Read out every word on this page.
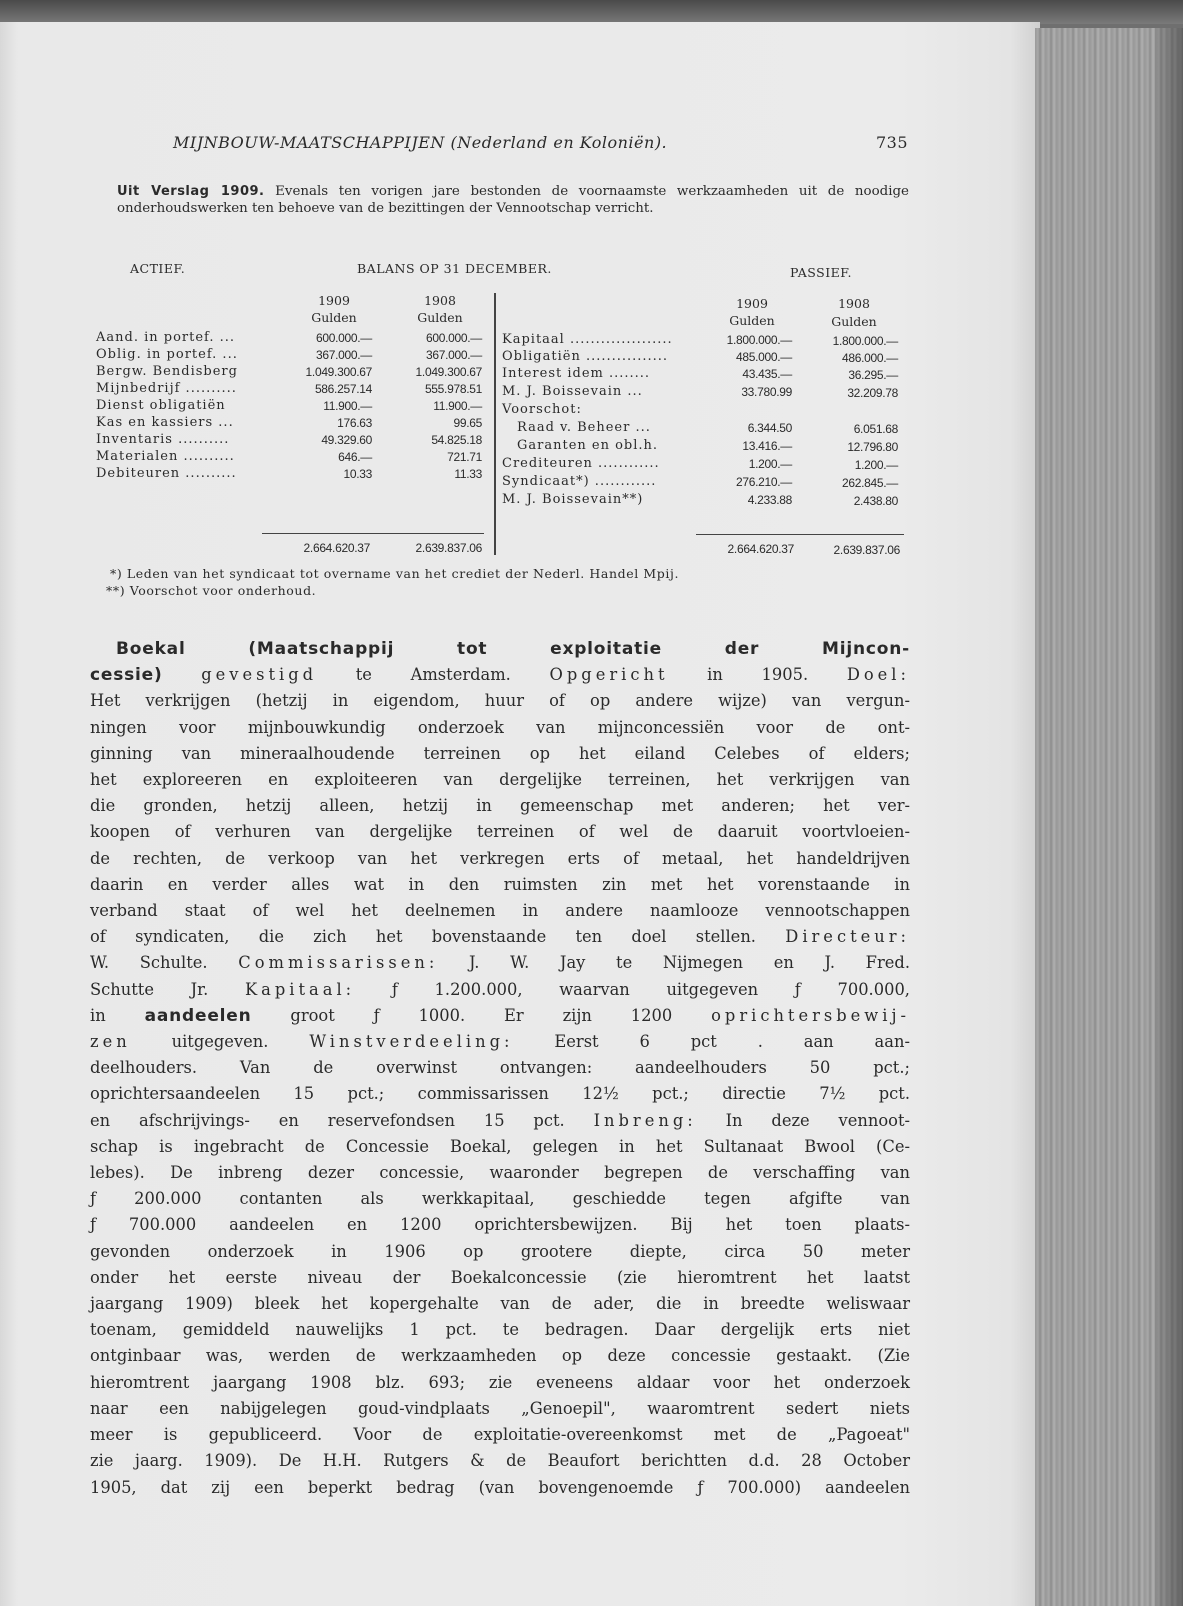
MIJNBOUW-MAATSCHAPPIJEN (Nederland en Koloniën).	735
Uit Verslag 1909. Evenals ten vorigen jare bestonden de voornaamste werkzaamheden uit de noodige onderhoudswerken ten behoeve van de bezittingen der Vennootschap verricht.
ACTIEF.	BALANS OP 31 DECEMBER.	PASSIEF.
1909
Gulden
1908
Gulden
1909
Gulden
1908
Gulden
Aand. in portef. ...	600.000.—	600.000.—
Oblig. in portef. ...	367.000.—	367.000.—
Bergw. Bendisberg	1.049.300.67	1.049.300.67
Mijnbedrijf ..........	586.257.14	555.978.51
Dienst obligatiën	11.900.—	11.900.—
Kas en kassiers ...	176.63	99.65
Inventaris ..........	49.329.60	54.825.18
Materialen ..........	646.—	721.71
Debiteuren ..........	10.33	11.33
2.664.620.37	2.639.837.06
Kapitaal ....................	1.800.000.—	1.800.000.—
Obligatiën ................	485.000.—	486.000.—
Interest idem ........	43.435.—	36.295.—
M. J. Boissevain ...	33.780.99	32.209.78
Voorschot:
Raad v. Beheer ...	6.344.50	6.051.68
Garanten en obl.h.	13.416.—	12.796.80
Crediteuren ............	1.200.—	1.200.—
Syndicaat*) ............	276.210.—	262.845.—
M. J. Boissevain**)	4.233.88	2.438.80
2.664.620.37	2.639.837.06
*) Leden van het syndicaat tot overname van het crediet der Nederl. Handel Mpij.
**) Voorschot voor onderhoud.
Boekal (Maatschappij tot exploitatie der Mijncon-
cessie) gevestigd te Amsterdam. Opgericht in 1905. Doel:
Het verkrijgen (hetzij in eigendom, huur of op andere wijze) van vergun-
ningen voor mijnbouwkundig onderzoek van mijnconcessiën voor de ont-
ginning van mineraalhoudende terreinen op het eiland Celebes of elders;
het exploreeren en exploiteeren van dergelijke terreinen, het verkrijgen van
die gronden, hetzij alleen, hetzij in gemeenschap met anderen; het ver-
koopen of verhuren van dergelijke terreinen of wel de daaruit voortvloeien-
de rechten, de verkoop van het verkregen erts of metaal, het handeldrijven
daarin en verder alles wat in den ruimsten zin met het vorenstaande in
verband staat of wel het deelnemen in andere naamlooze vennootschappen
of syndicaten, die zich het bovenstaande ten doel stellen. Directeur:
W. Schulte. Commissarissen: J. W. Jay te Nijmegen en J. Fred.
Schutte Jr. Kapitaal: ƒ 1.200.000, waarvan uitgegeven ƒ 700.000,
in aandeelen groot ƒ 1000. Er zijn 1200 oprichtersbewij-
zen	uitgegeven.	Winstverdeeling:	Eerst 6 pct . aan aan-
deelhouders. Van de overwinst ontvangen: aandeelhouders 50 pct.;
oprichtersaandeelen 15 pct.; commissarissen 12½ pct.; directie 7½ pct.
en afschrijvings- en reservefondsen 15 pct. Inbreng: In deze vennoot-
schap is ingebracht de Concessie Boekal, gelegen in het Sultanaat Bwool (Ce-
lebes). De inbreng dezer concessie, waaronder begrepen de verschaffing van
ƒ 200.000 contanten als werkkapitaal, geschiedde tegen afgifte van
ƒ 700.000 aandeelen en 1200 oprichtersbewijzen. Bij het toen plaats-
gevonden onderzoek in 1906 op grootere diepte, circa 50 meter
onder het eerste niveau der Boekalconcessie (zie hieromtrent het laatst
jaargang 1909) bleek het kopergehalte van de ader, die in breedte weliswaar
toenam, gemiddeld nauwelijks 1 pct. te bedragen. Daar dergelijk erts niet
ontginbaar was, werden de werkzaamheden op deze concessie gestaakt. (Zie
hieromtrent jaargang 1908 blz. 693; zie eveneens aldaar voor het onderzoek
naar een nabijgelegen goud-vindplaats „Genoepil", waaromtrent sedert niets
meer is gepubliceerd. Voor de exploitatie-overeenkomst met de „Pagoeat"
zie jaarg. 1909). De H.H. Rutgers & de Beaufort berichtten d.d. 28 October
1905, dat zij een beperkt bedrag (van bovengenoemde ƒ 700.000) aandeelen
